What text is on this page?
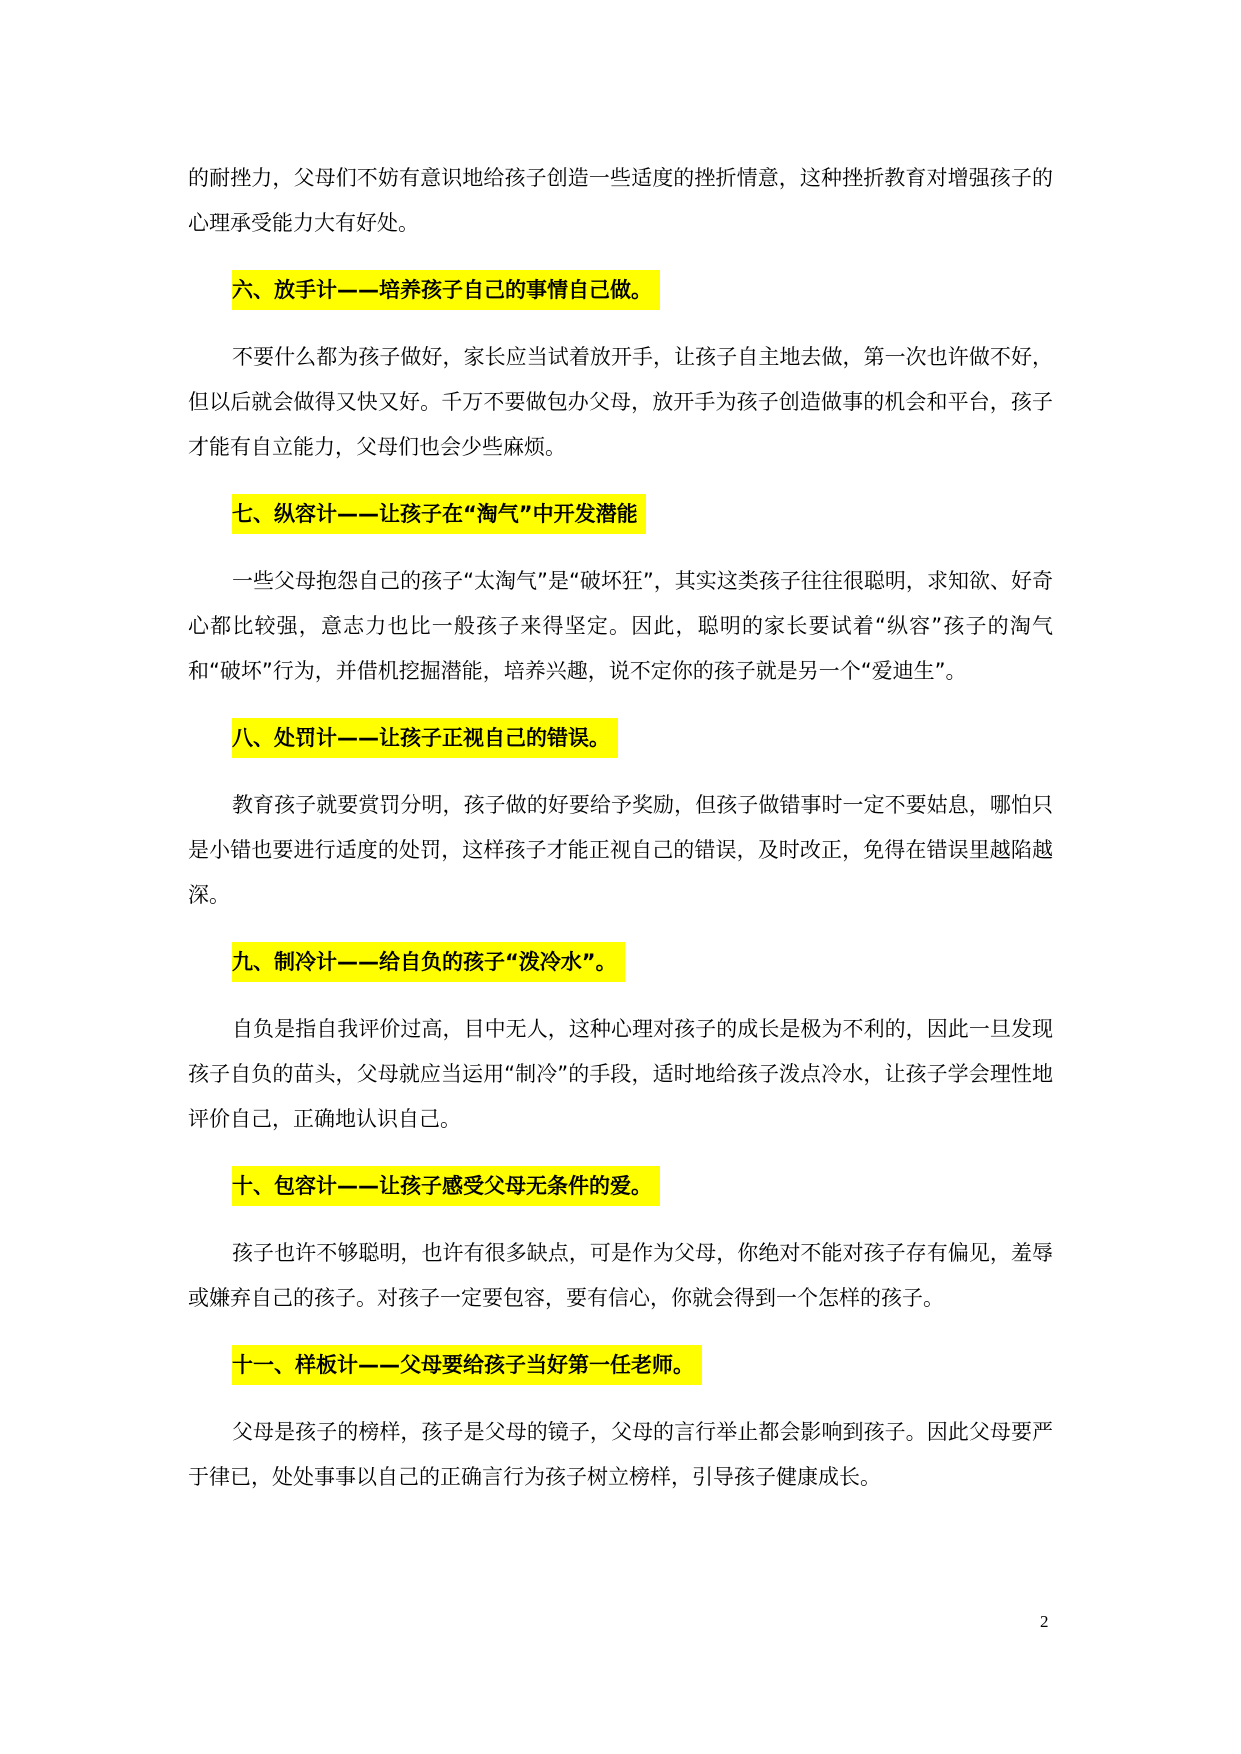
的耐挫力，父母们不妨有意识地给孩子创造一些适度的挫折情意，这种挫折教育对增强孩子的心理承受能力大有好处。

六、放手计——培养孩子自己的事情自己做。

不要什么都为孩子做好，家长应当试着放开手，让孩子自主地去做，第一次也许做不好，但以后就会做得又快又好。千万不要做包办父母，放开手为孩子创造做事的机会和平台，孩子才能有自立能力，父母们也会少些麻烦。

七、纵容计——让孩子在“淘气”中开发潜能

一些父母抱怨自己的孩子“太淘气”是“破坏狂”，其实这类孩子往往很聪明，求知欲、好奇心都比较强，意志力也比一般孩子来得坚定。因此，聪明的家长要试着“纵容”孩子的淘气和“破坏”行为，并借机挖掘潜能，培养兴趣，说不定你的孩子就是另一个“爱迪生”。

八、处罚计——让孩子正视自己的错误。

教育孩子就要赏罚分明，孩子做的好要给予奖励，但孩子做错事时一定不要姑息，哪怕只是小错也要进行适度的处罚，这样孩子才能正视自己的错误，及时改正，免得在错误里越陷越深。

九、制冷计——给自负的孩子“泼冷水”。

自负是指自我评价过高，目中无人，这种心理对孩子的成长是极为不利的，因此一旦发现孩子自负的苗头，父母就应当运用“制冷”的手段，适时地给孩子泼点冷水，让孩子学会理性地评价自己，正确地认识自己。

十、包容计——让孩子感受父母无条件的爱。

孩子也许不够聪明，也许有很多缺点，可是作为父母，你绝对不能对孩子存有偏见，羞辱或嫌弃自己的孩子。对孩子一定要包容，要有信心，你就会得到一个怎样的孩子。

十一、样板计——父母要给孩子当好第一任老师。

父母是孩子的榜样，孩子是父母的镜子，父母的言行举止都会影响到孩子。因此父母要严于律已，处处事事以自己的正确言行为孩子树立榜样，引导孩子健康成长。

2
